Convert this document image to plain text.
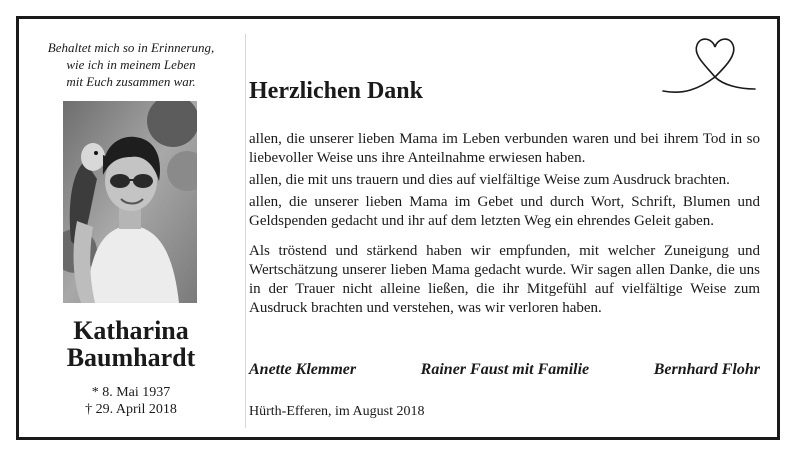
Behaltet mich so in Erinnerung,
wie ich in meinem Leben
mit Euch zusammen war.
Katharina
Baumhardt
* 8. Mai 1937
† 29. April 2018
Herzlichen Dank

allen, die unserer lieben Mama im Leben verbunden waren und bei ihrem Tod in so liebevoller Weise uns ihre Anteilnahme erwiesen haben.

allen, die mit uns trauern und dies auf vielfältige Weise zum Ausdruck brachten.

allen, die unserer lieben Mama im Gebet und durch Wort, Schrift, Blumen und Geldspenden gedacht und ihr auf dem letzten Weg ein ehrendes Geleit gaben.

Als tröstend und stärkend haben wir empfunden, mit welcher Zuneigung und Wertschätzung unserer lieben Mama gedacht wurde. Wir sagen allen Danke, die uns in der Trauer nicht alleine ließen, die ihr Mitgefühl auf vielfältige Weise zum Ausdruck brachten und verstehen, was wir verloren haben.

Anette Klemmer	Rainer Faust mit Familie	Bernhard Flohr
Hürth-Efferen, im August 2018
